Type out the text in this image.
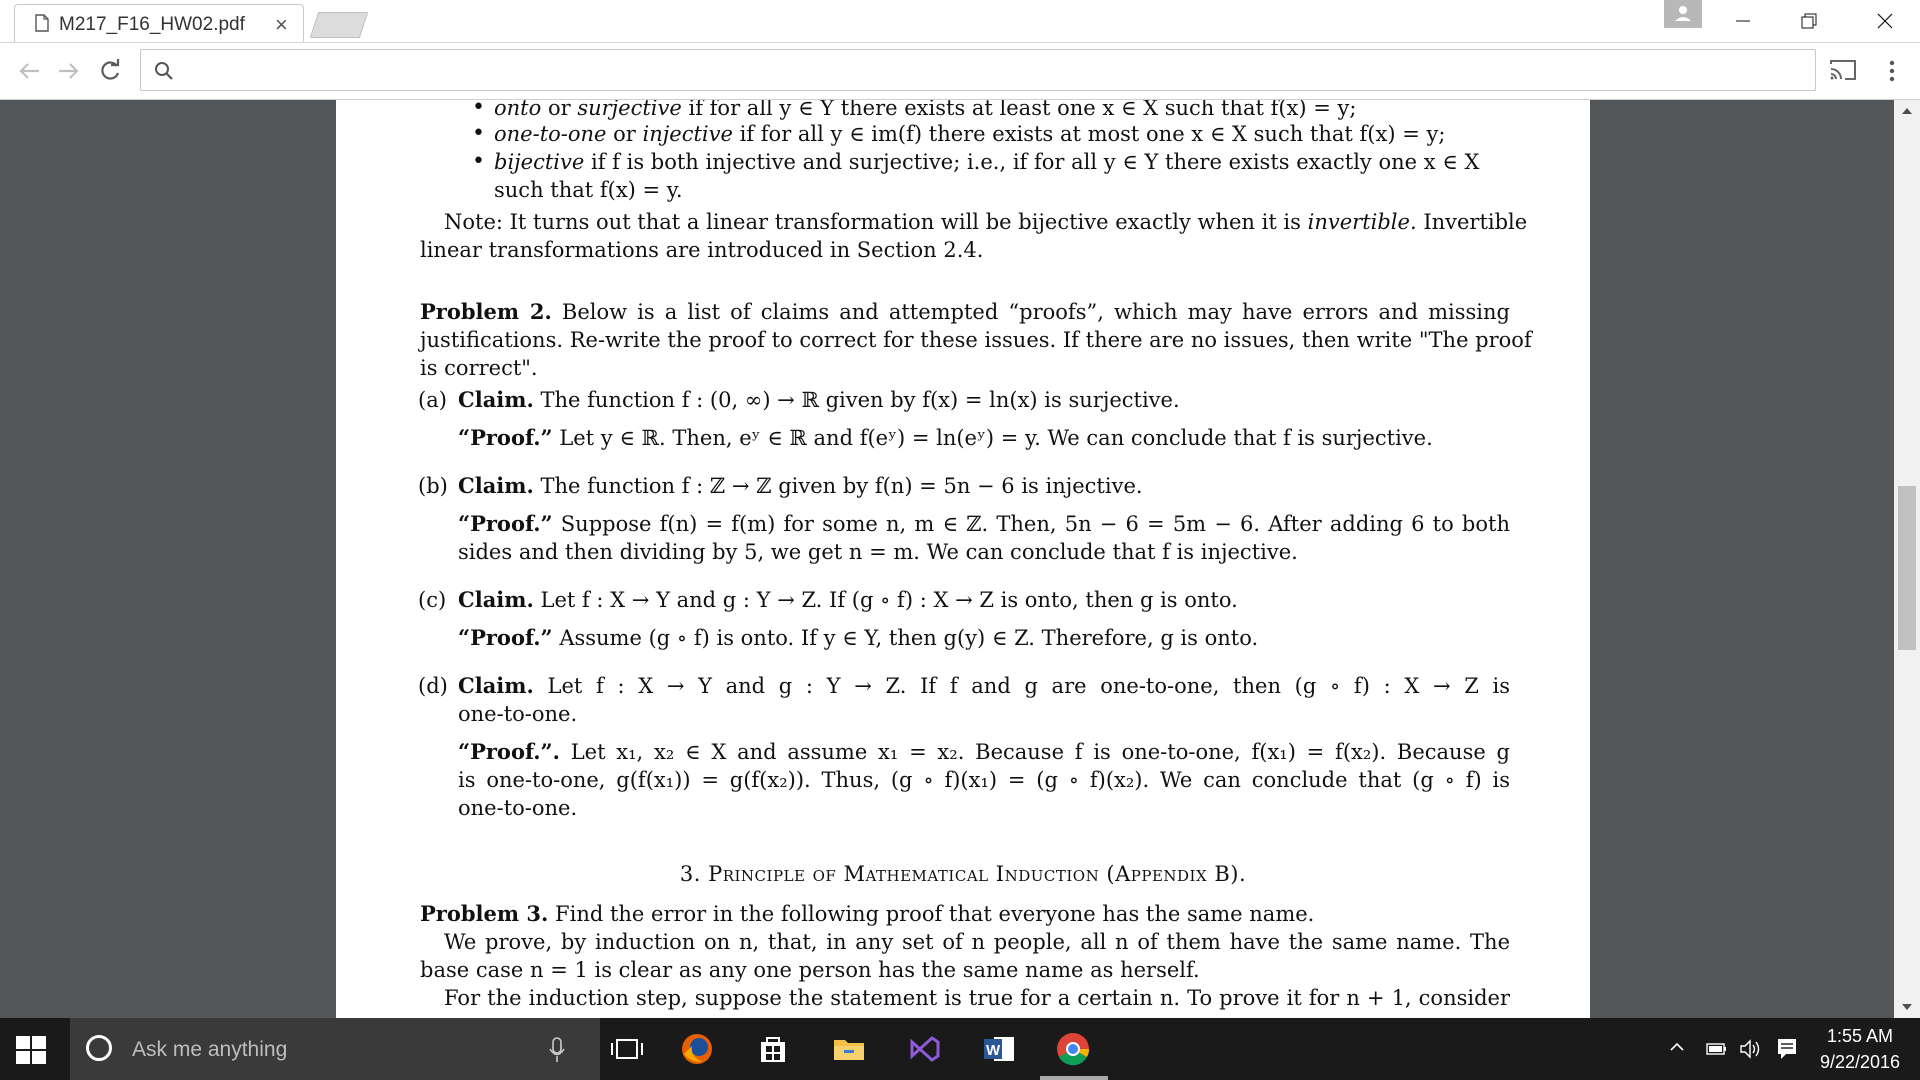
M217_F16_HW02.pdf ×
• onto or surjective if for all y ∈ Y there exists at least one x ∈ X such that f(x) = y;
• one-to-one or injective if for all y ∈ im(f) there exists at most one x ∈ X such that f(x) = y;
• bijective if f is both injective and surjective; i.e., if for all y ∈ Y there exists exactly one x ∈ X
such that f(x) = y.
Note: It turns out that a linear transformation will be bijective exactly when it is invertible. Invertible
linear transformations are introduced in Section 2.4.
Problem 2. Below is a list of claims and attempted “proofs”, which may have errors and missing
justifications. Re-write the proof to correct for these issues. If there are no issues, then write "The proof
is correct".
(a) Claim. The function f : (0, ∞) → ℝ given by f(x) = ln(x) is surjective.
“Proof.” Let y ∈ ℝ. Then, eʸ ∈ ℝ and f(eʸ) = ln(eʸ) = y. We can conclude that f is surjective.
(b) Claim. The function f : ℤ → ℤ given by f(n) = 5n − 6 is injective.
“Proof.” Suppose f(n) = f(m) for some n, m ∈ ℤ. Then, 5n − 6 = 5m − 6. After adding 6 to both
sides and then dividing by 5, we get n = m. We can conclude that f is injective.
(c) Claim. Let f : X → Y and g : Y → Z. If (g ∘ f) : X → Z is onto, then g is onto.
“Proof.” Assume (g ∘ f) is onto. If y ∈ Y, then g(y) ∈ Z. Therefore, g is onto.
(d) Claim. Let f : X → Y and g : Y → Z. If f and g are one-to-one, then (g ∘ f) : X → Z is
one-to-one.
“Proof.”. Let x₁, x₂ ∈ X and assume x₁ = x₂. Because f is one-to-one, f(x₁) = f(x₂). Because g
is one-to-one, g(f(x₁)) = g(f(x₂)). Thus, (g ∘ f)(x₁) = (g ∘ f)(x₂). We can conclude that (g ∘ f) is
one-to-one.
3. Principle of Mathematical Induction (Appendix B).
Problem 3. Find the error in the following proof that everyone has the same name.
We prove, by induction on n, that, in any set of n people, all n of them have the same name. The
base case n = 1 is clear as any one person has the same name as herself.
For the induction step, suppose the statement is true for a certain n. To prove it for n + 1, consider
Ask me anything	W
1:55 AM
9/22/2016
